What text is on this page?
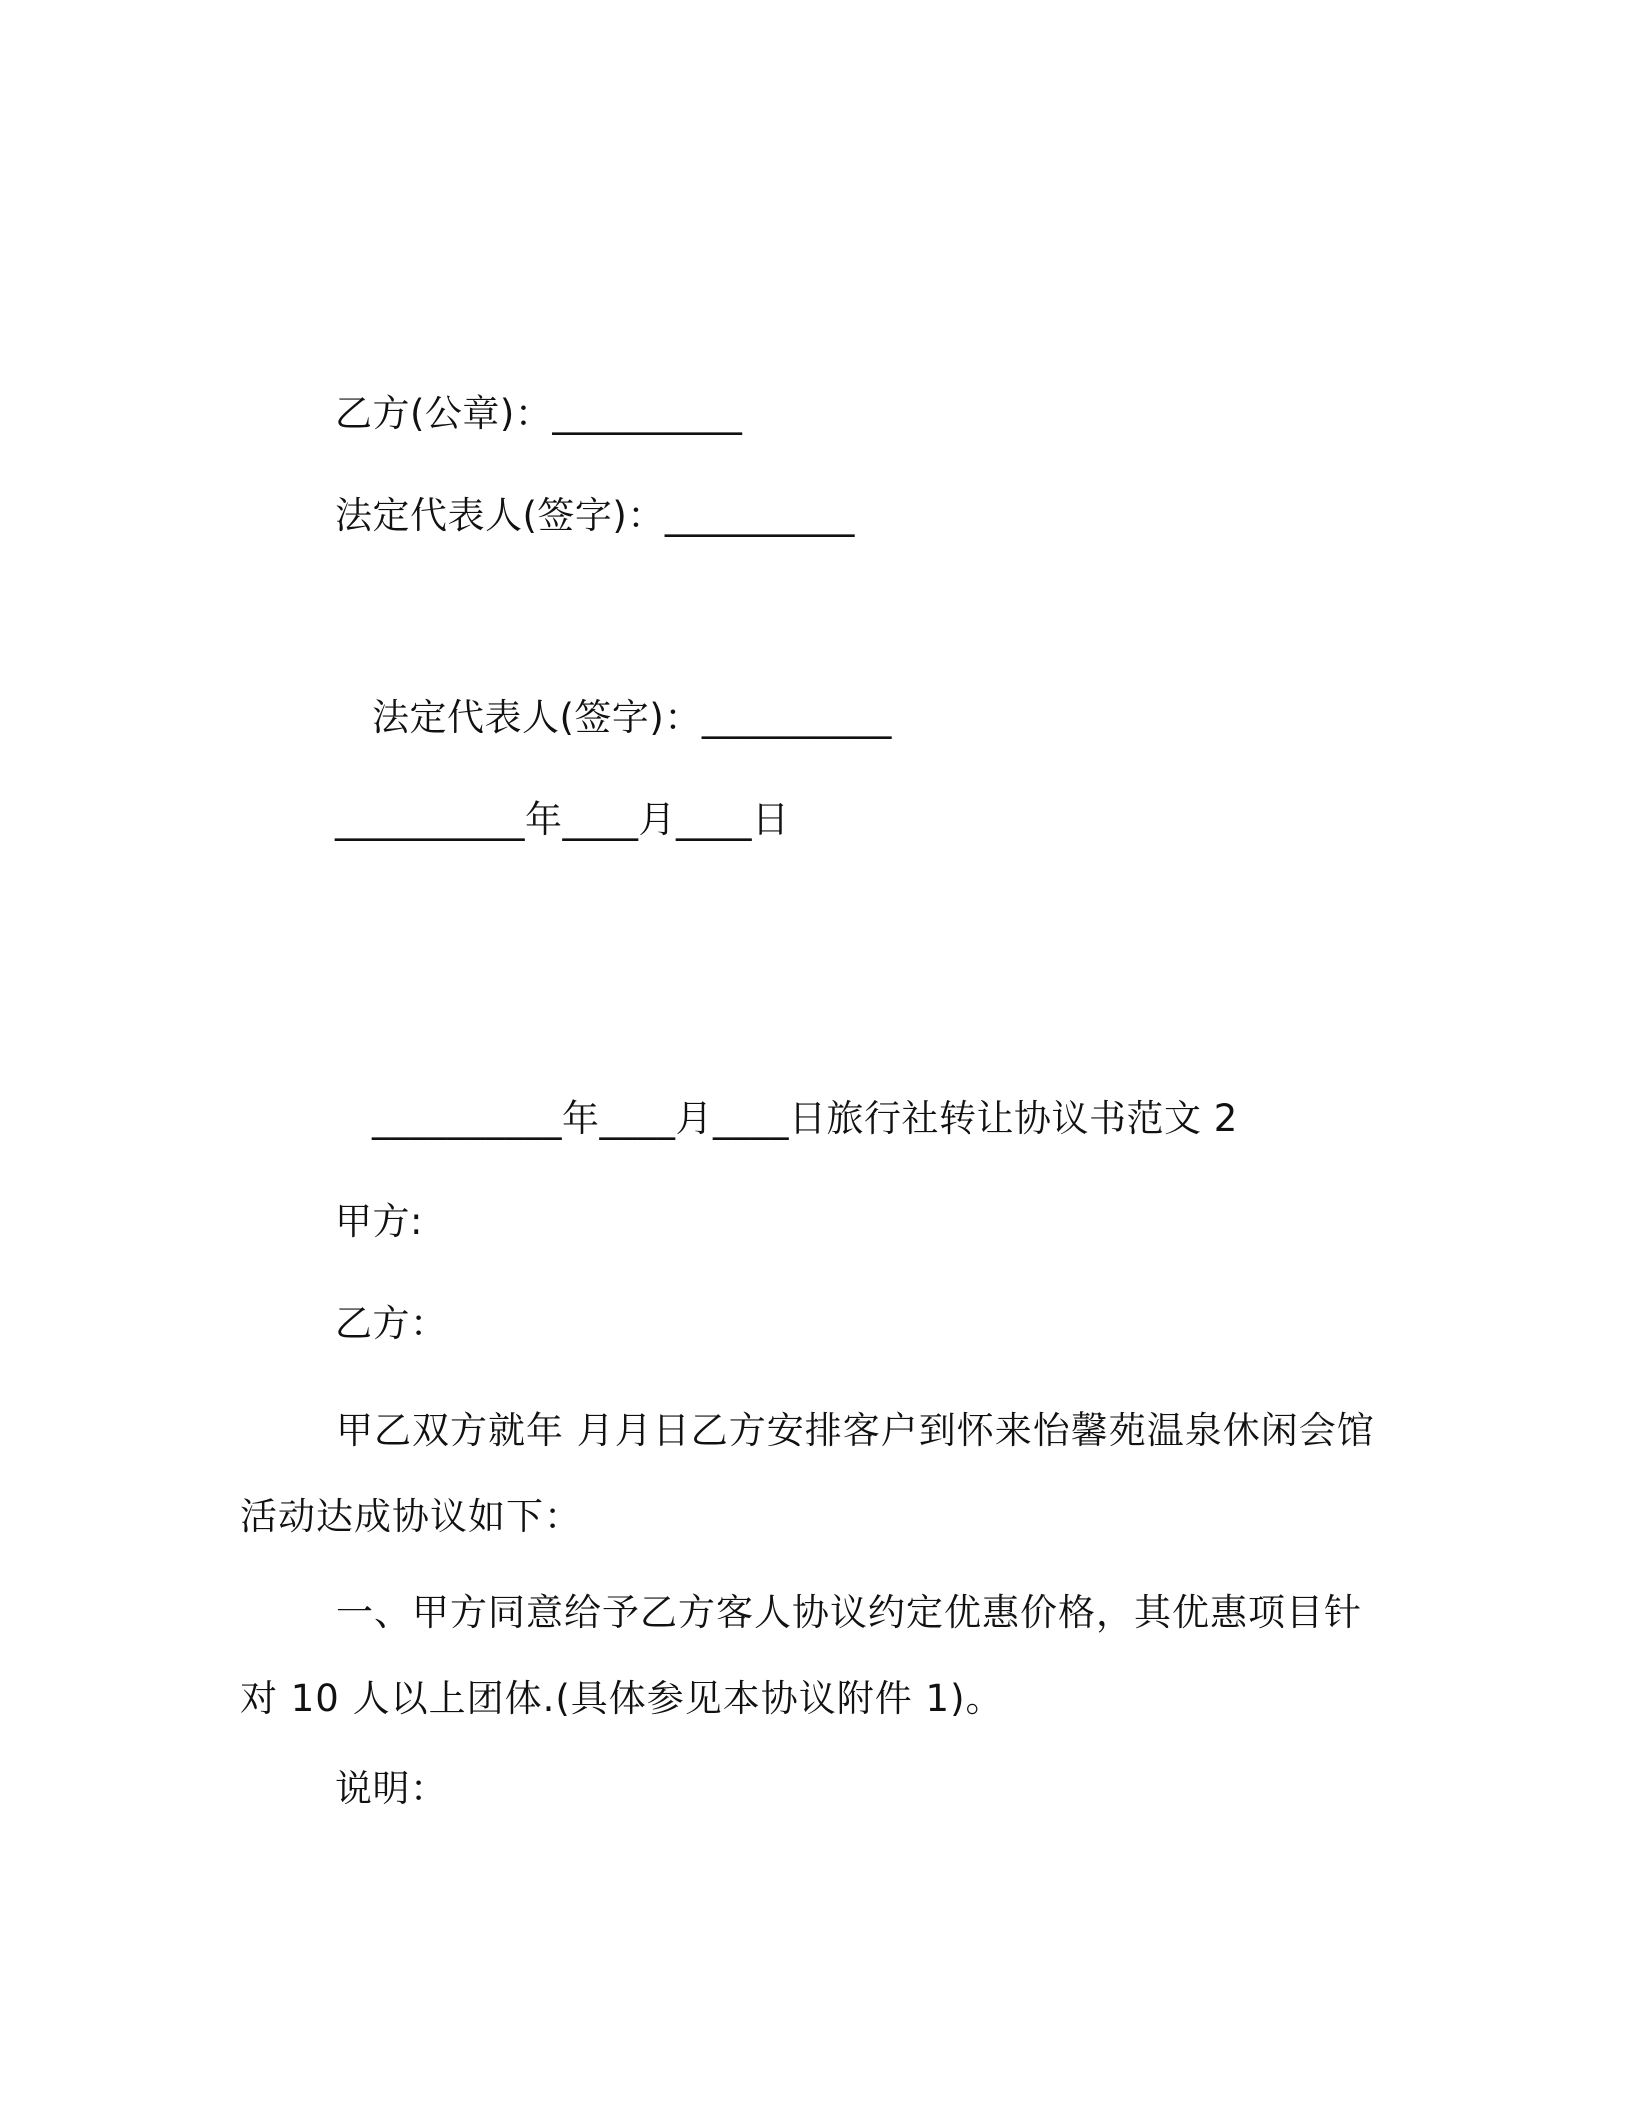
乙方(公章)：__________
法定代表人(签字)：__________
法定代表人(签字)：__________
__________年____月____日
__________年____月____日旅行社转让协议书范文 2
甲方:
乙方：
甲乙双方就年 月月日乙方安排客户到怀来怡馨苑温泉休闲会馆活动达成协议如下：
一、甲方同意给予乙方客人协议约定优惠价格，其优惠项目针对 10 人以上团体.(具体参见本协议附件 1)。
说明：
